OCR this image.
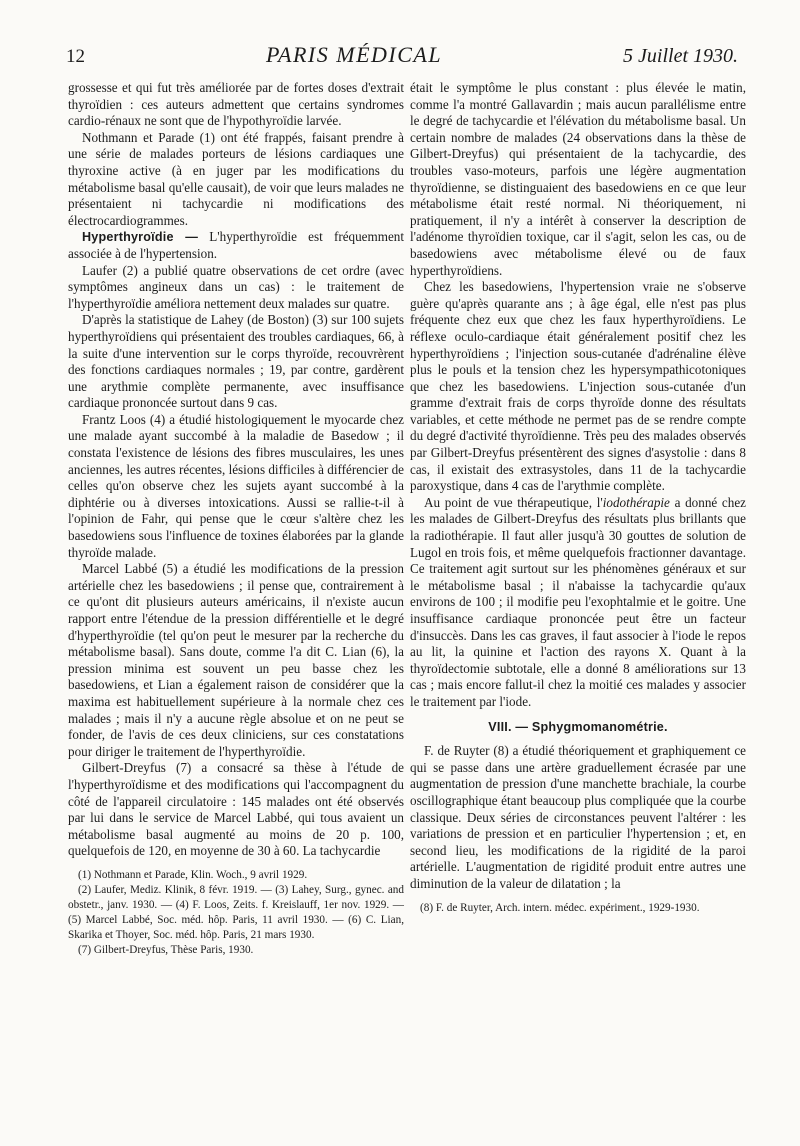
12	PARIS MÉDICAL	5 Juillet 1930.

grossesse et qui fut très améliorée par de fortes doses d'extrait thyroïdien : ces auteurs admettent que certains syndromes cardio-rénaux ne sont que de l'hypothyroïdie larvée.

Nothmann et Parade (1) ont été frappés, faisant prendre à une série de malades porteurs de lésions cardiaques une thyroxine active (à en juger par les modifications du métabolisme basal qu'elle causait), de voir que leurs malades ne présentaient ni tachycardie ni modifications des électrocardiogrammes.

Hyperthyroïdie — L'hyperthyroïdie est fréquemment associée à de l'hypertension.

Laufer (2) a publié quatre observations de cet ordre (avec symptômes angineux dans un cas) : le traitement de l'hyperthyroïdie améliora nettement deux malades sur quatre.

D'après la statistique de Lahey (de Boston) (3) sur 100 sujets hyperthyroïdiens qui présentaient des troubles cardiaques, 66, à la suite d'une intervention sur le corps thyroïde, recouvrèrent des fonctions cardiaques normales ; 19, par contre, gardèrent une arythmie complète permanente, avec insuffisance cardiaque prononcée surtout dans 9 cas.

Frantz Loos (4) a étudié histologiquement le myocarde chez une malade ayant succombé à la maladie de Basedow ; il constata l'existence de lésions des fibres musculaires, les unes anciennes, les autres récentes, lésions difficiles à différencier de celles qu'on observe chez les sujets ayant succombé à la diphtérie ou à diverses intoxications. Aussi se rallie-t-il à l'opinion de Fahr, qui pense que le cœur s'altère chez les basedowiens sous l'influence de toxines élaborées par la glande thyroïde malade.

Marcel Labbé (5) a étudié les modifications de la pression artérielle chez les basedowiens ; il pense que, contrairement à ce qu'ont dit plusieurs auteurs américains, il n'existe aucun rapport entre l'étendue de la pression différentielle et le degré d'hyperthyroïdie (tel qu'on peut le mesurer par la recherche du métabolisme basal). Sans doute, comme l'a dit C. Lian (6), la pression minima est souvent un peu basse chez les basedowiens, et Lian a également raison de considérer que la maxima est habituellement supérieure à la normale chez ces malades ; mais il n'y a aucune règle absolue et on ne peut se fonder, de l'avis de ces deux cliniciens, sur ces constatations pour diriger le traitement de l'hyperthyroïdie.

Gilbert-Dreyfus (7) a consacré sa thèse à l'étude de l'hyperthyroïdisme et des modifications qui l'accompagnent du côté de l'appareil circulatoire : 145 malades ont été observés par lui dans le service de Marcel Labbé, qui tous avaient un métabolisme basal augmenté au moins de 20 p. 100, quelquefois de 120, en moyenne de 30 à 60. La tachycardie

(1) Nothmann et Parade, Klin. Woch., 9 avril 1929.
(2) Laufer, Mediz. Klinik, 8 févr. 1919. — (3) Lahey, Surg., gynec. and obstetr., janv. 1930. — (4) F. Loos, Zeits. f. Kreislauff, 1er nov. 1929. — (5) Marcel Labbé, Soc. méd. hôp. Paris, 11 avril 1930. — (6) C. Lian, Skarika et Thoyer, Soc. méd. hôp. Paris, 21 mars 1930.
(7) Gilbert-Dreyfus, Thèse Paris, 1930.

était le symptôme le plus constant : plus élevée le matin, comme l'a montré Gallavardin ; mais aucun parallélisme entre le degré de tachycardie et l'élévation du métabolisme basal. Un certain nombre de malades (24 observations dans la thèse de Gilbert-Dreyfus) qui présentaient de la tachycardie, des troubles vaso-moteurs, parfois une légère augmentation thyroïdienne, se distinguaient des basedowiens en ce que leur métabolisme était resté normal. Ni théoriquement, ni pratiquement, il n'y a intérêt à conserver la description de l'adénome thyroïdien toxique, car il s'agit, selon les cas, ou de basedowiens avec métabolisme élevé ou de faux hyperthyroïdiens.

Chez les basedowiens, l'hypertension vraie ne s'observe guère qu'après quarante ans ; à âge égal, elle n'est pas plus fréquente chez eux que chez les faux hyperthyroïdiens. Le réflexe oculo-cardiaque était généralement positif chez les hyperthyroïdiens ; l'injection sous-cutanée d'adrénaline élève plus le pouls et la tension chez les hypersympathicotoniques que chez les basedowiens. L'injection sous-cutanée d'un gramme d'extrait frais de corps thyroïde donne des résultats variables, et cette méthode ne permet pas de se rendre compte du degré d'activité thyroïdienne. Très peu des malades observés par Gilbert-Dreyfus présentèrent des signes d'asystolie : dans 8 cas, il existait des extrasystoles, dans 11 de la tachycardie paroxystique, dans 4 cas de l'arythmie complète.

Au point de vue thérapeutique, l'iodothérapie a donné chez les malades de Gilbert-Dreyfus des résultats plus brillants que la radiothérapie. Il faut aller jusqu'à 30 gouttes de solution de Lugol en trois fois, et même quelquefois fractionner davantage. Ce traitement agit surtout sur les phénomènes généraux et sur le métabolisme basal ; il n'abaisse la tachycardie qu'aux environs de 100 ; il modifie peu l'exophtalmie et le goitre. Une insuffisance cardiaque prononcée peut être un facteur d'insuccès. Dans les cas graves, il faut associer à l'iode le repos au lit, la quinine et l'action des rayons X. Quant à la thyroïdectomie subtotale, elle a donné 8 améliorations sur 13 cas ; mais encore fallut-il chez la moitié ces malades y associer le traitement par l'iode.

VIII. — Sphygmomanométrie.

F. de Ruyter (8) a étudié théoriquement et graphiquement ce qui se passe dans une artère graduellement écrasée par une augmentation de pression d'une manchette brachiale, la courbe oscillographique étant beaucoup plus compliquée que la courbe classique. Deux séries de circonstances peuvent l'altérer : les variations de pression et en particulier l'hypertension ; et, en second lieu, les modifications de la rigidité de la paroi artérielle. L'augmentation de rigidité produit entre autres une diminution de la valeur de dilatation ; la

(8) F. de Ruyter, Arch. intern. médec. expériment., 1929-1930.
